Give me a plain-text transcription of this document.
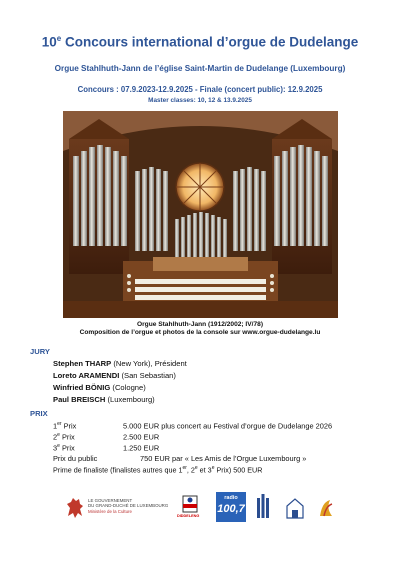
10e Concours international d’orgue de Dudelange
Orgue Stahlhuth-Jann de l’église Saint-Martin de Dudelange (Luxembourg)
Concours : 07.9.2023-12.9.2025 - Finale (concert public): 12.9.2025
Master classes: 10, 12 & 13.9.2025
Orgue Stahlhuth-Jann (1912/2002; IV/78)
Composition de l’orgue et photos de la console sur www.orgue-dudelange.lu
JURY
Stephen THARP (New York), Président
Loreto ARAMENDI (San Sebastian)
Winfried BÖNIG (Cologne)
Paul BREISCH (Luxembourg)
PRIX
1er Prix	5.000 EUR plus concert au Festival d’orgue de Dudelange 2026
2e Prix	2.500 EUR
3e Prix	1.250 EUR
Prix du public	750 EUR par « Les Amis de l’Orgue Luxembourg »
Prime de finaliste (finalistes autres que 1er, 2e et 3e Prix) 500 EUR
LE GOUVERNEMENT
DU GRAND-DUCHÉ DE LUXEMBOURG
Ministère de la Culture
DIDDELENG
radio
100,7
